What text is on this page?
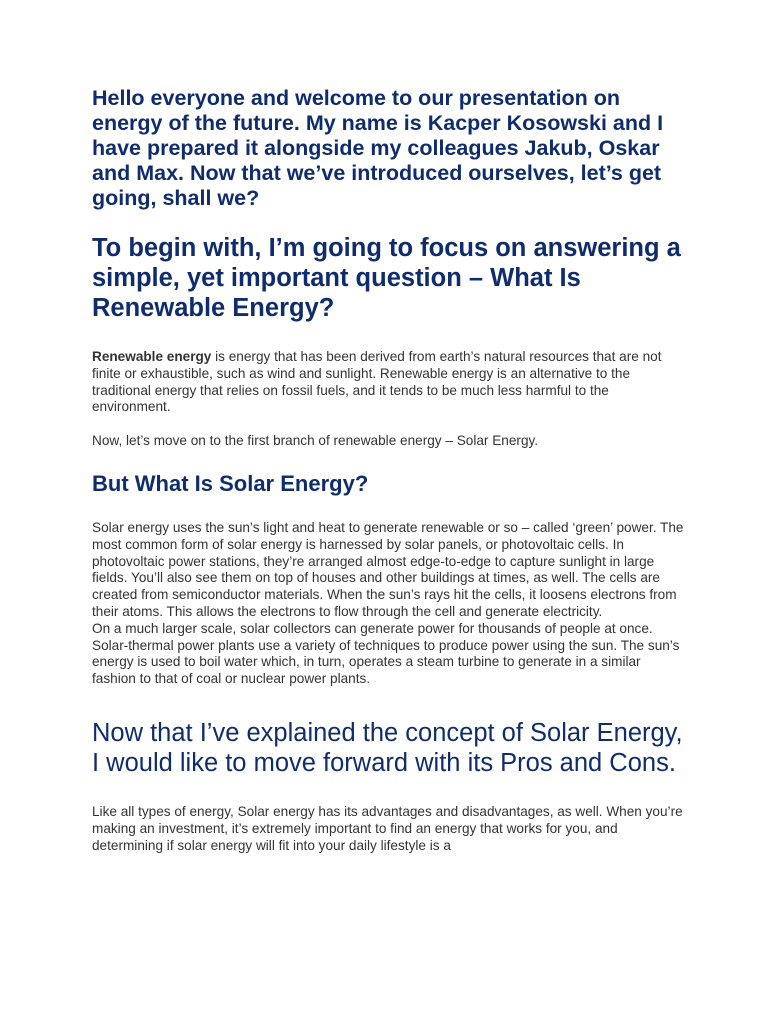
Hello everyone and welcome to our presentation on energy of the future. My name is Kacper Kosowski and I have prepared it alongside my colleagues Jakub, Oskar and Max. Now that we’ve introduced ourselves, let’s get going, shall we?
To begin with, I’m going to focus on answering a simple, yet important question – What Is Renewable Energy?

Renewable energy is energy that has been derived from earth’s natural resources that are not finite or exhaustible, such as wind and sunlight. Renewable energy is an alternative to the traditional energy that relies on fossil fuels, and it tends to be much less harmful to the environment.

Now, let’s move on to the first branch of renewable energy – Solar Energy.

But What Is Solar Energy?

Solar energy uses the sun’s light and heat to generate renewable or so – called ‘green’ power. The most common form of solar energy is harnessed by solar panels, or photovoltaic cells. In photovoltaic power stations, they’re arranged almost edge-to-edge to capture sunlight in large fields. You’ll also see them on top of houses and other buildings at times, as well. The cells are created from semiconductor materials. When the sun’s rays hit the cells, it loosens electrons from their atoms. This allows the electrons to flow through the cell and generate electricity.

On a much larger scale, solar collectors can generate power for thousands of people at once. Solar-thermal power plants use a variety of techniques to produce power using the sun. The sun’s energy is used to boil water which, in turn, operates a steam turbine to generate in a similar fashion to that of coal or nuclear power plants.

Now that I’ve explained the concept of Solar Energy, I would like to move forward with its Pros and Cons.

Like all types of energy, Solar energy has its advantages and disadvantages, as well. When you’re making an investment, it’s extremely important to find an energy that works for you, and determining if solar energy will fit into your daily lifestyle is a
